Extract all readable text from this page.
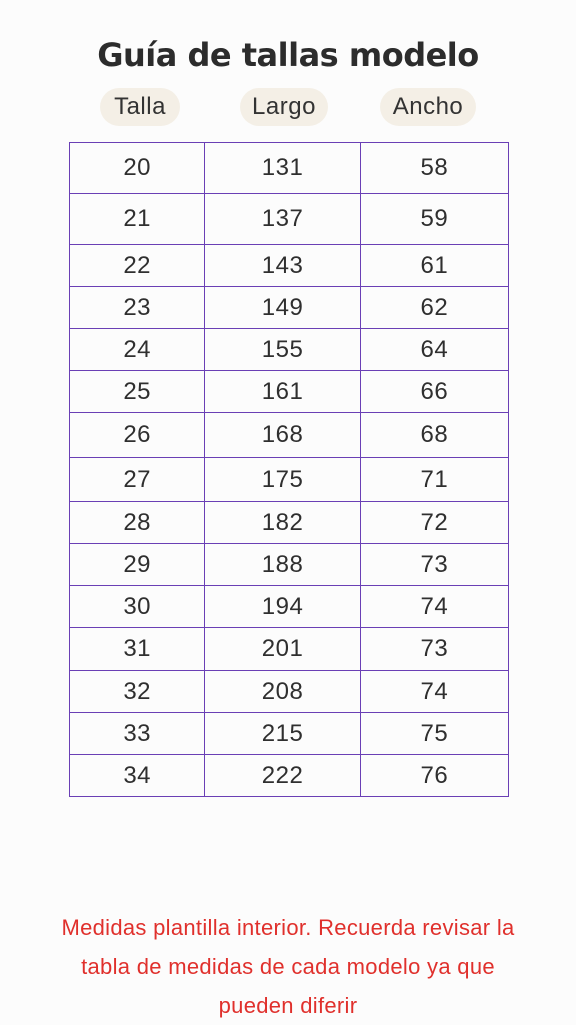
Guía de tallas modelo
Talla	Largo	Ancho
20	131	58
21	137	59
22	143	61
23	149	62
24	155	64
25	161	66
26	168	68
27	175	71
28	182	72
29	188	73
30	194	74
31	201	73
32	208	74
33	215	75
34	222	76
Medidas plantilla interior. Recuerda revisar la
tabla de medidas de cada modelo ya que
pueden diferir
